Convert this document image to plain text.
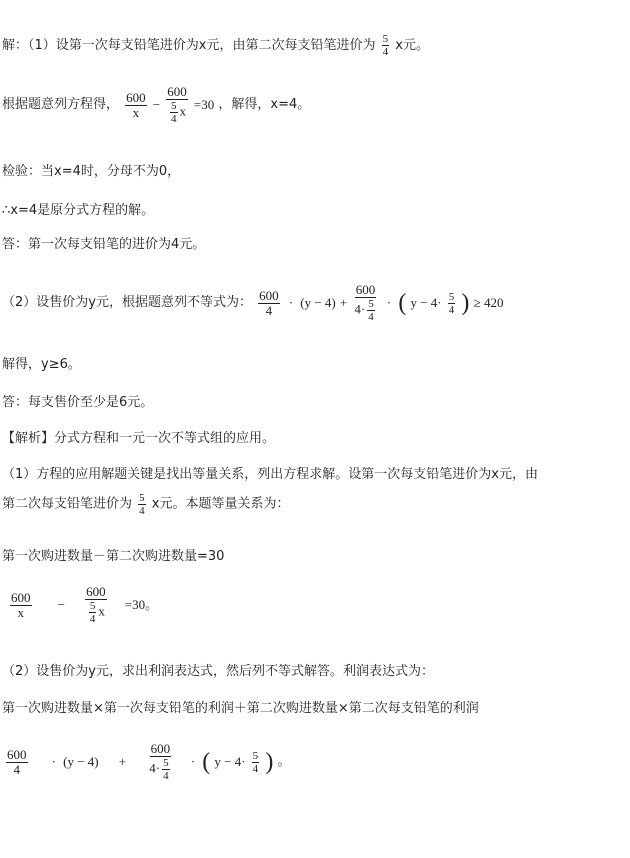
解：（1）设第一次每支铅笔进价为x元，由第二次每支铅笔进价为 $\frac{5}{4}$ x元。
根据题意列方程得， $\frac{600}{x} - \frac{600}{\frac{5}{4} x} =30$ ，解得，x=4。
检验：当x=4时，分母不为0，
∴x=4是原分式方程的解。
答：第一次每支铅笔的进价为4元。
（2）设售价为y元，根据题意列不等式为： $\frac{600}{4} \cdot (y - 4) + \frac{600}{4\cdot \frac{5}{4}}$ · ( $y - 4\cdot \frac{5}{4}$ ) ≥ 420
解得，y≥6。
答：每支售价至少是6元。
【解析】分式方程和一元一次不等式组的应用。
（1）方程的应用解题关键是找出等量关系，列出方程求解。设第一次每支铅笔进价为x元，由
第二次每支铅笔进价为 $\frac{5}{4}$ x元。本题等量关系为：
第一次购进数量－第二次购进数量=30
$\frac{600}{x} - \frac{600}{\frac{5}{4} x} =30$。
（2）设售价为y元，求出利润表达式，然后列不等式解答。利润表达式为：
第一次购进数量×第一次每支铅笔的利润＋第二次购进数量×第二次每支铅笔的利润
$\frac{600}{4} \cdot (y - 4) + \frac{600}{4\cdot \frac{5}{4}}$ · ( $y - 4\cdot \frac{5}{4}$ ) 。
